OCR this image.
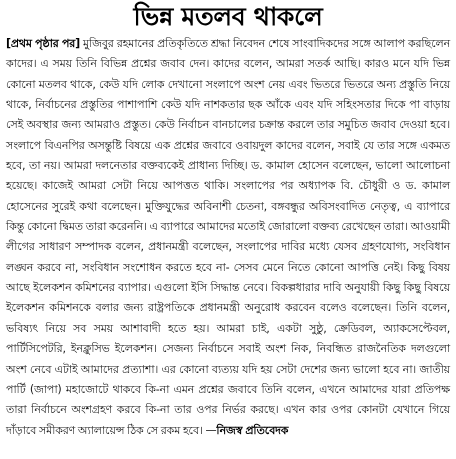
ভিন্ন মতলব থাকলে

[প্রথম পৃষ্ঠার পর] মুজিবুর রহমানের প্রতিকৃতিতে শ্রদ্ধা নিবেদন শেষে সাংবাদিকদের সঙ্গে আলাপ করছিলেন কাদের। এ সময় তিনি বিভিন্ন প্রশ্নের জবাব দেন। কাদের বলেন, আমরা সতর্ক আছি। কারও মনে যদি ভিন্ন কোনো মতলব থাকে, কেউ যদি লোক দেখানো সংলাপে অংশ নেয় এবং ভিতরে ভিতরে অন্য প্রস্তুতি নিয়ে থাকে, নির্বাচনের প্রস্তুতির পাশাপাশি কেউ যদি নাশকতার ছক আঁকে এবং যদি সহিংসতার দিকে পা বাড়ায় সেই অবস্থার জন্য আমরাও প্রস্তুত। কেউ নির্বাচন বানচালের চক্রান্ত করলে তার সমুচিত জবাব দেওয়া হবে। সংলাপে বিএনপির অসন্তুষ্টি বিষয়ে এক প্রশ্নের জবাবে ওবায়দুল কাদের বলেন, সবাই যে তার সঙ্গে একমত হবে, তা নয়। আমরা দলনেতার বক্তব্যকেই প্রাধান্য দিচ্ছি। ড. কামাল হোসেন বলেছেন, ভালো আলোচনা হয়েছে। কাজেই আমরা সেটা নিয়ে আপত্তত থাকি। সংলাপের পর অধ্যাপক বি. চৌধুরী ও ড. কামাল হোসেনের সুরেই কথা বলেছেন। মুক্তিযুদ্ধের অবিনাশী চেতনা, বঙ্গবন্ধুর অবিসংবাদিত নেতৃত্ব, এ ব্যাপারে কিন্তু কোনো দ্বিমত তারা করেননি। এ ব্যাপারে আমাদের মতোই জোরালো বক্তব্য রেখেছেন তারা। আওয়ামী লীগের সাধারণ সম্পাদক বলেন, প্রধানমন্ত্রী বলেছেন, সংলাপের দাবির মধ্যে যেসব গ্রহণযোগ্য, সংবিধান লঙ্ঘন করবে না, সংবিধান সংশোধন করতে হবে না- সেসব মেনে নিতে কোনো আপত্তি নেই। কিছু বিষয় আছে ইলেকশন কমিশনের ব্যাপার। এগুলো ইসি সিদ্ধান্ত নেবে। বিকল্পধারার দাবি অনুযায়ী কিছু কিছু বিষয়ে ইলেকশন কমিশনকে বলার জন্য রাষ্ট্রপতিকে প্রধানমন্ত্রী অনুরোধ করবেন বলেও বলেছেন। তিনি বলেন, ভবিষ্যৎ নিয়ে সব সময় আশাবাদী হতে হয়। আমরা চাই, একটা সুষ্ঠু, ক্রেডিবল, অ্যাকসেপ্টেবল, পার্টিসিপেটরি, ইনক্লুসিভ ইলেকশন। সেজন্য নির্বাচনে সবাই অংশ নিক, নিবন্ধিত রাজনৈতিক দলগুলো অংশ নেবে এটাই আমাদের প্রত্যাশা। এর কোনো ব্যত্যয় যদি হয় সেটা দেশের জন্য ভালো হবে না। জাতীয় পার্টি (জাপা) মহাজোটে থাকবে কি-না এমন প্রশ্নের জবাবে তিনি বলেন, এখনে আমাদের যারা প্রতিপক্ষ তারা নির্বাচনে অংশগ্রহণ করবে কি-না তার ওপর নির্ভর করছে। এখন কার ওপর কোনটা যেখানে গিয়ে দাঁড়াবে সমীকরণ অ্যালায়েন্স ঠিক সে রকম হবে। —নিজস্ব প্রতিবেদক
